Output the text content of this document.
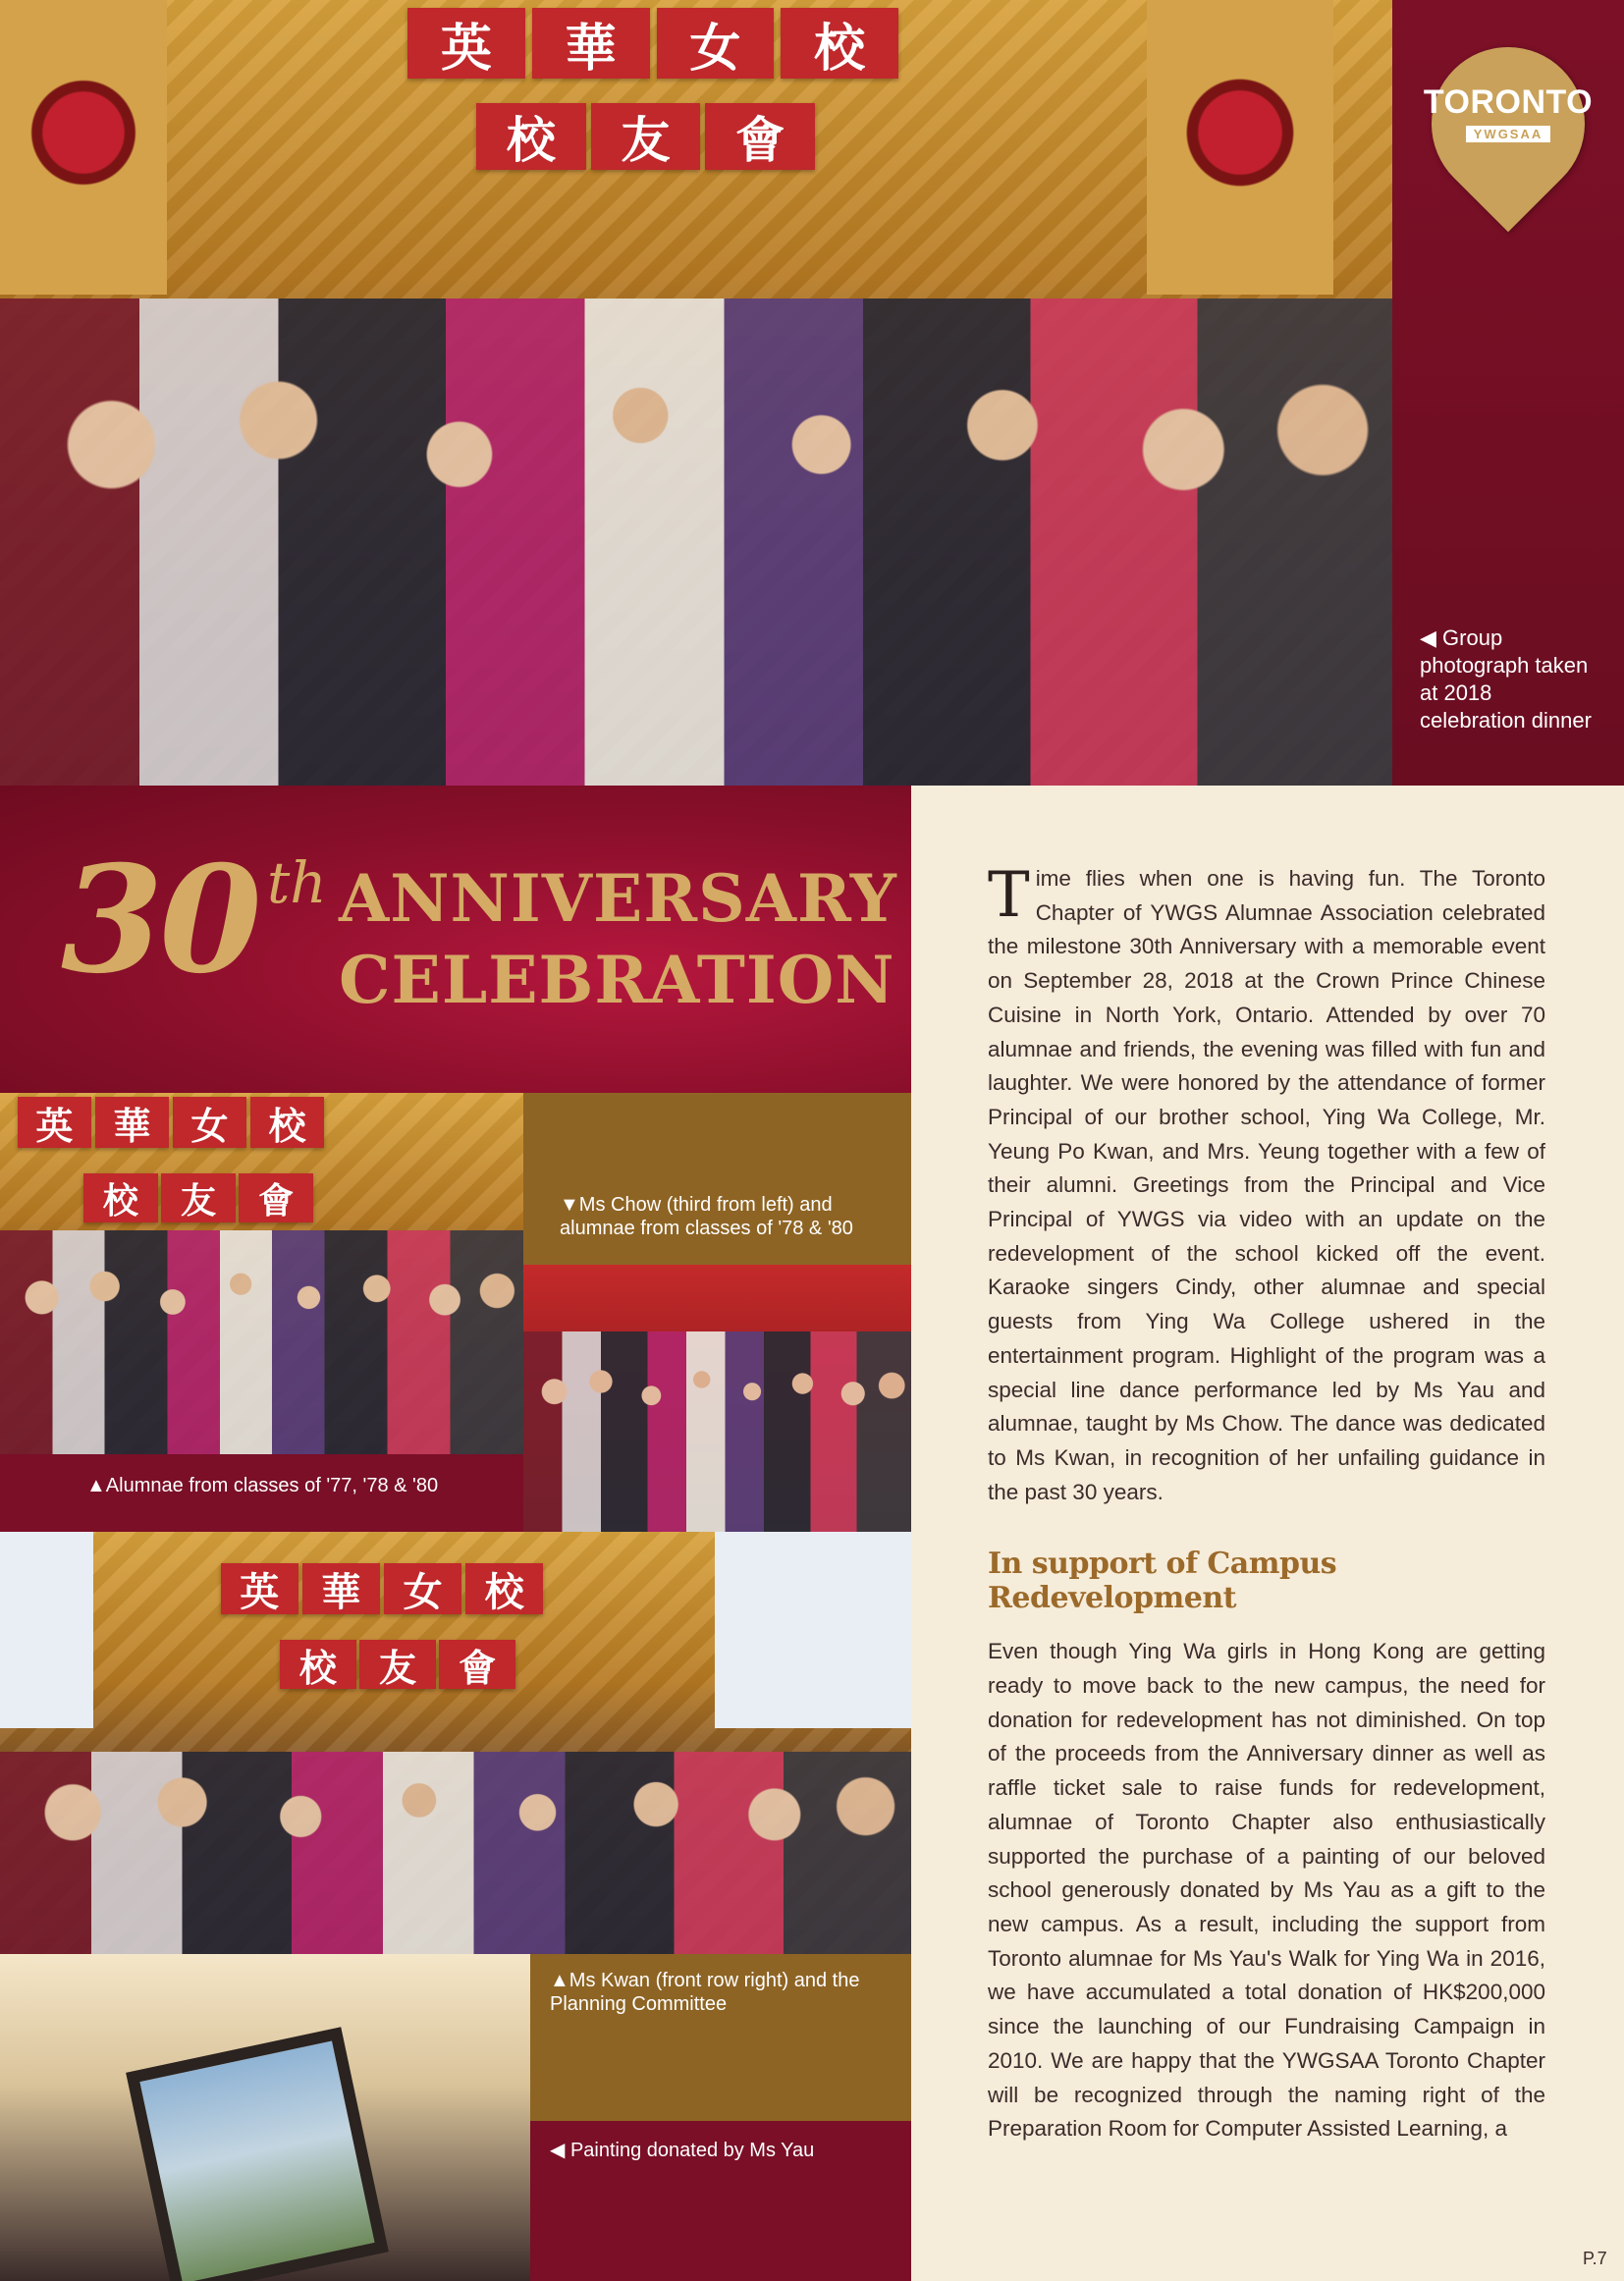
英	華	女	校
校	友	會
TORONTO
YWGSAA
◀ Group photograph taken at 2018 celebration dinner
30 th ANNIVERSARY
CELEBRATION
英	華	女	校
校	友	會	▼Ms Chow (third from left) and alumnae from classes of '78 & '80
▲Alumnae from classes of '77, '78 & '80
英	華	女	校
校	友	會
▲Ms Kwan (front row right) and the Planning Committee
◀ Painting donated by Ms Yau

Time flies when one is having fun. The Toronto Chapter of YWGS Alumnae Association celebrated the milestone 30th Anniversary with a memorable event on September 28, 2018 at the Crown Prince Chinese Cuisine in North York, Ontario. Attended by over 70 alumnae and friends, the evening was filled with fun and laughter. We were honored by the attendance of former Principal of our brother school, Ying Wa College, Mr. Yeung Po Kwan, and Mrs. Yeung together with a few of their alumni. Greetings from the Principal and Vice Principal of YWGS via video with an update on the redevelopment of the school kicked off the event. Karaoke singers Cindy, other alumnae and special guests from Ying Wa College ushered in the entertainment program. Highlight of the program was a special line dance performance led by Ms Yau and alumnae, taught by Ms Chow. The dance was dedicated to Ms Kwan, in recognition of her unfailing guidance in the past 30 years.

In support of Campus Redevelopment

Even though Ying Wa girls in Hong Kong are getting ready to move back to the new campus, the need for donation for redevelopment has not diminished. On top of the proceeds from the Anniversary dinner as well as raffle ticket sale to raise funds for redevelopment, alumnae of Toronto Chapter also enthusiastically supported the purchase of a painting of our beloved school generously donated by Ms Yau as a gift to the new campus. As a result, including the support from Toronto alumnae for Ms Yau's Walk for Ying Wa in 2016, we have accumulated a total donation of HK$200,000 since the launching of our Fundraising Campaign in 2010. We are happy that the YWGSAA Toronto Chapter will be recognized through the naming right of the Preparation Room for Computer Assisted Learning, a

P.7
